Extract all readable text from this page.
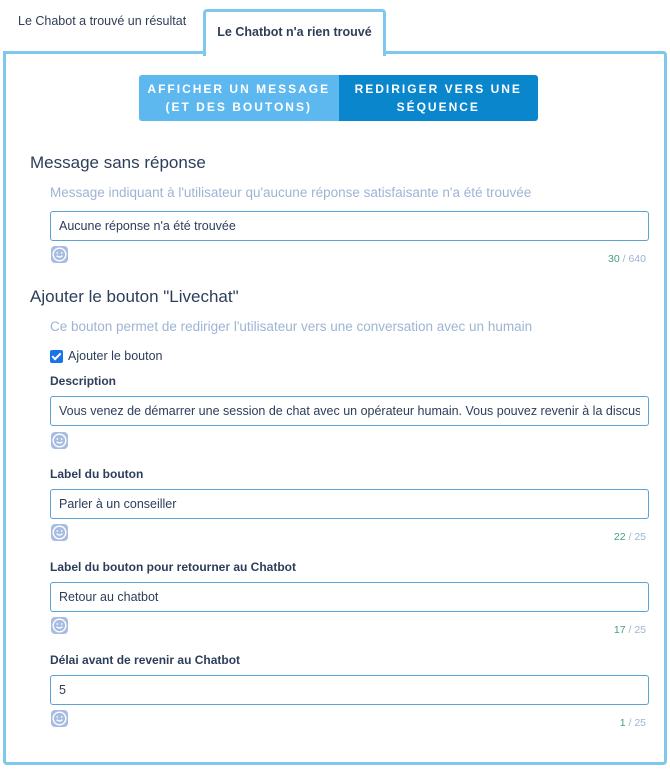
Le Chabot a trouvé un résultat
Le Chatbot n'a rien trouvé
AFFICHER UN MESSAGE
(ET DES BOUTONS)
REDIRIGER VERS UNE
SÉQUENCE
Message sans réponse
Message indiquant à l'utilisateur qu'aucune réponse satisfaisante n'a été trouvée
Aucune réponse n'a été trouvée
30 / 640
Ajouter le bouton "Livechat"
Ce bouton permet de rediriger l'utilisateur vers une conversation avec un humain
Ajouter le bouton
Description
Vous venez de démarrer une session de chat avec un opérateur humain. Vous pouvez revenir à la discussion avec le chatbot à tout moment.
Label du bouton
Parler à un conseiller
22 / 25
Label du bouton pour retourner au Chatbot
Retour au chatbot
17 / 25
Délai avant de revenir au Chatbot
5
1 / 25
